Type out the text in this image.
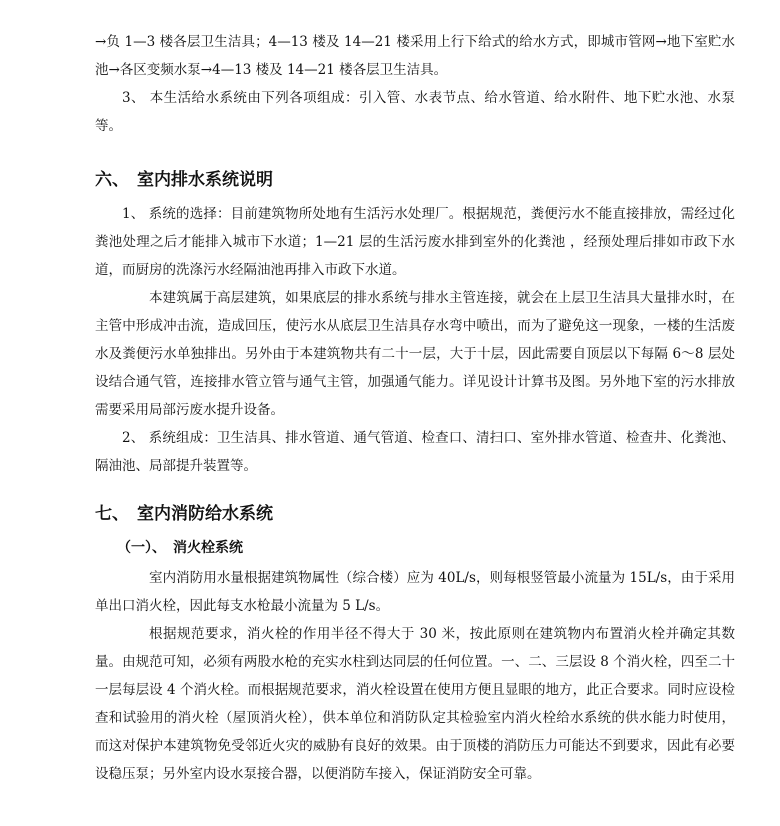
→负 1—3 楼各层卫生洁具；4—13 楼及 14—21 楼采用上行下给式的给水方式，即城市管网→地下室贮水池→各区变频水泵→4—13 楼及 14—21 楼各层卫生洁具。

3、 本生活给水系统由下列各项组成：引入管、水表节点、给水管道、给水附件、地下贮水池、水泵等。

六、 室内排水系统说明

1、 系统的选择：目前建筑物所处地有生活污水处理厂。根据规范，粪便污水不能直接排放，需经过化粪池处理之后才能排入城市下水道；1—21 层的生活污废水排到室外的化粪池 ，经预处理后排如市政下水道，而厨房的洗涤污水经隔油池再排入市政下水道。

本建筑属于高层建筑，如果底层的排水系统与排水主管连接，就会在上层卫生洁具大量排水时，在主管中形成冲击流，造成回压，使污水从底层卫生洁具存水弯中喷出，而为了避免这一现象，一楼的生活废水及粪便污水单独排出。另外由于本建筑物共有二十一层，大于十层，因此需要自顶层以下每隔 6～8 层处设结合通气管，连接排水管立管与通气主管，加强通气能力。详见设计计算书及图。另外地下室的污水排放需要采用局部污废水提升设备。

2、 系统组成：卫生洁具、排水管道、通气管道、检查口、清扫口、室外排水管道、检查井、化粪池、隔油池、局部提升装置等。

七、 室内消防给水系统
（一）、 消火栓系统

室内消防用水量根据建筑物属性（综合楼）应为 40L/s，则每根竖管最小流量为 15L/s，由于采用单出口消火栓，因此每支水枪最小流量为 5 L/s。

根据规范要求，消火栓的作用半径不得大于 30 米，按此原则在建筑物内布置消火栓并确定其数量。由规范可知，必须有两股水枪的充实水柱到达同层的任何位置。一、二、三层设 8 个消火栓，四至二十一层每层设 4 个消火栓。而根据规范要求，消火栓设置在使用方便且显眼的地方，此正合要求。同时应设检查和试验用的消火栓（屋顶消火栓），供本单位和消防队定其检验室内消火栓给水系统的供水能力时使用，而这对保护本建筑物免受邻近火灾的威胁有良好的效果。由于顶楼的消防压力可能达不到要求，因此有必要设稳压泵；另外室内设水泵接合器，以便消防车接入，保证消防安全可靠。
